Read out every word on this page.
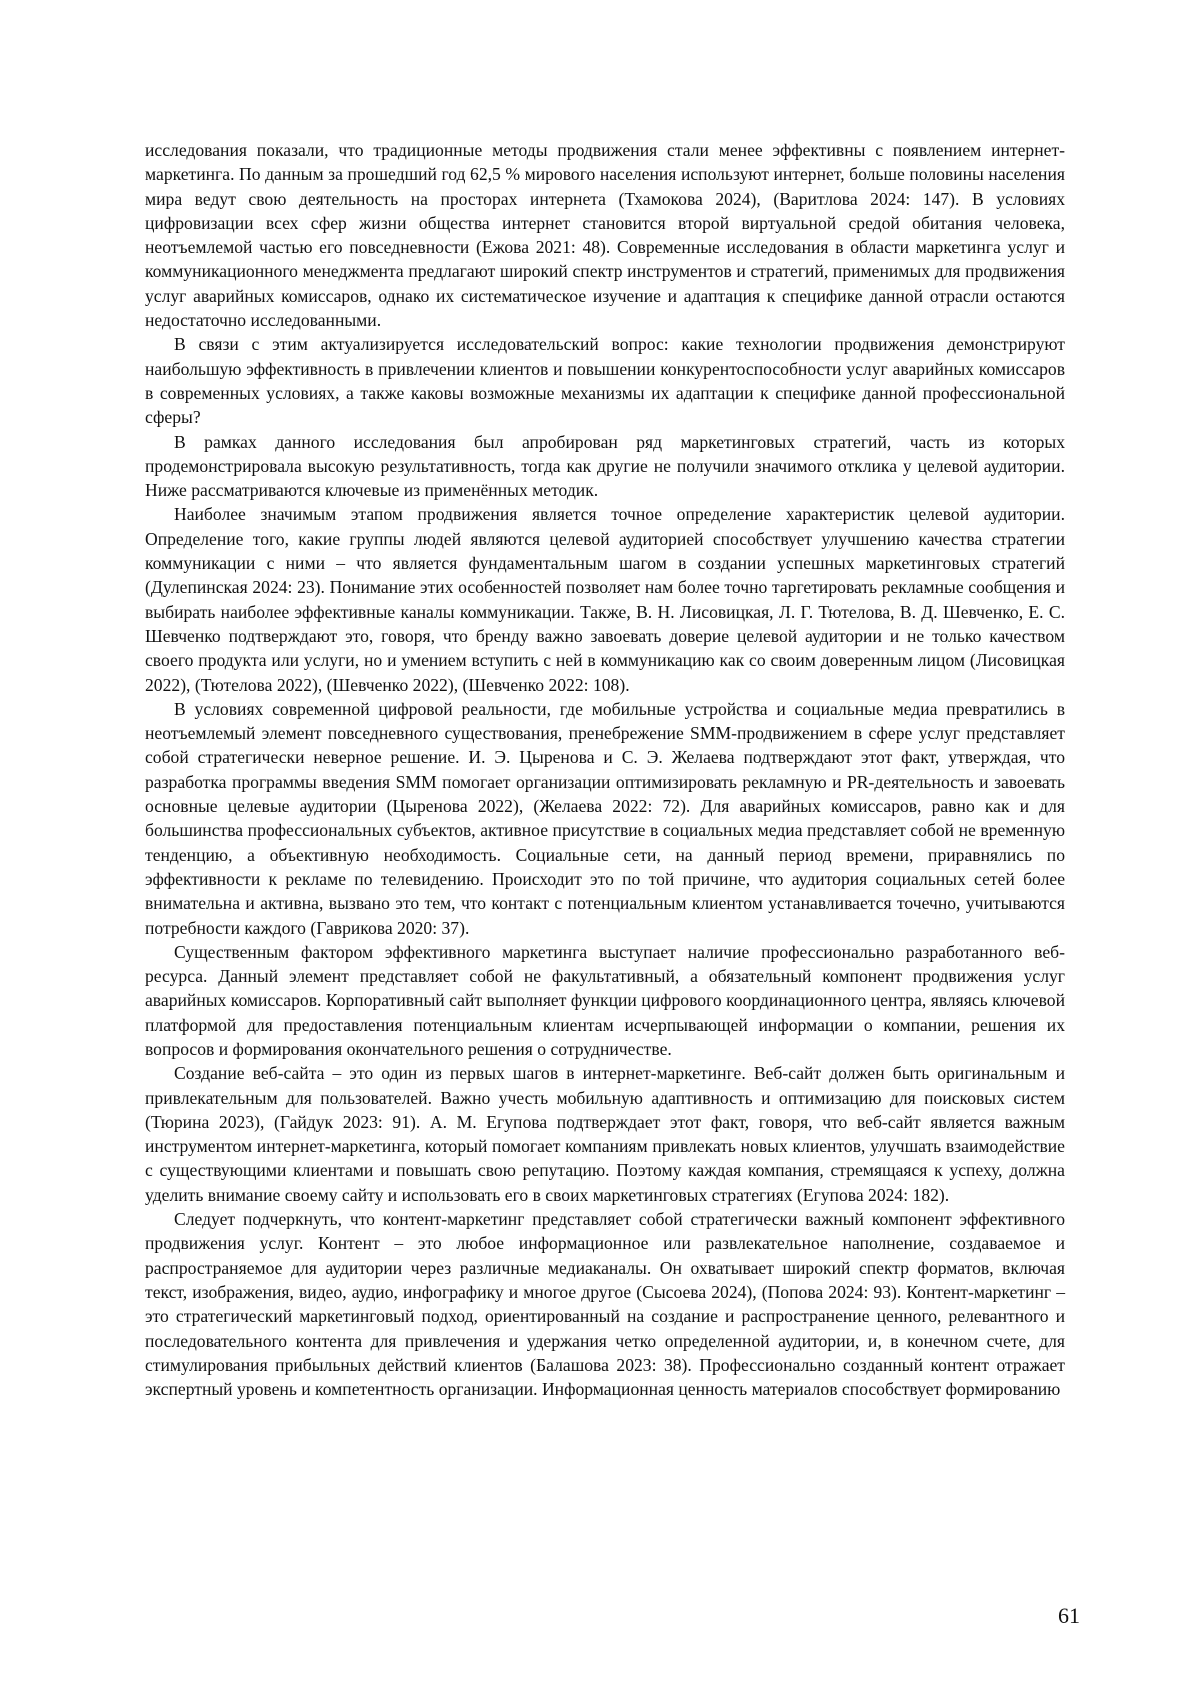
исследования показали, что традиционные методы продвижения стали менее эффективны с появлением интернет-маркетинга. По данным за прошедший год 62,5 % мирового населения используют интернет, больше половины населения мира ведут свою деятельность на просторах интернета (Тхамокова 2024), (Варитлова 2024: 147). В условиях цифровизации всех сфер жизни общества интернет становится второй виртуальной средой обитания человека, неотъемлемой частью его повседневности (Ежова 2021: 48). Современные исследования в области маркетинга услуг и коммуникационного менеджмента предлагают широкий спектр инструментов и стратегий, применимых для продвижения услуг аварийных комиссаров, однако их систематическое изучение и адаптация к специфике данной отрасли остаются недостаточно исследованными.

В связи с этим актуализируется исследовательский вопрос: какие технологии продвижения демонстрируют наибольшую эффективность в привлечении клиентов и повышении конкурентоспособности услуг аварийных комиссаров в современных условиях, а также каковы возможные механизмы их адаптации к специфике данной профессиональной сферы?

В рамках данного исследования был апробирован ряд маркетинговых стратегий, часть из которых продемонстрировала высокую результативность, тогда как другие не получили значимого отклика у целевой аудитории. Ниже рассматриваются ключевые из применённых методик.

Наиболее значимым этапом продвижения является точное определение характеристик целевой аудитории. Определение того, какие группы людей являются целевой аудиторией способствует улучшению качества стратегии коммуникации с ними – что является фундаментальным шагом в создании успешных маркетинговых стратегий (Дулепинская 2024: 23). Понимание этих особенностей позволяет нам более точно таргетировать рекламные сообщения и выбирать наиболее эффективные каналы коммуникации. Также, В. Н. Лисовицкая, Л. Г. Тютелова, В. Д. Шевченко, Е. С. Шевченко подтверждают это, говоря, что бренду важно завоевать доверие целевой аудитории и не только качеством своего продукта или услуги, но и умением вступить с ней в коммуникацию как со своим доверенным лицом (Лисовицкая 2022), (Тютелова 2022), (Шевченко 2022), (Шевченко 2022: 108).

В условиях современной цифровой реальности, где мобильные устройства и социальные медиа превратились в неотъемлемый элемент повседневного существования, пренебрежение SMM-продвижением в сфере услуг представляет собой стратегически неверное решение. И. Э. Цыренова и С. Э. Желаева подтверждают этот факт, утверждая, что разработка программы введения SMM помогает организации оптимизировать рекламную и PR-деятельность и завоевать основные целевые аудитории (Цыренова 2022), (Желаева 2022: 72). Для аварийных комиссаров, равно как и для большинства профессиональных субъектов, активное присутствие в социальных медиа представляет собой не временную тенденцию, а объективную необходимость. Социальные сети, на данный период времени, приравнялись по эффективности к рекламе по телевидению. Происходит это по той причине, что аудитория социальных сетей более внимательна и активна, вызвано это тем, что контакт с потенциальным клиентом устанавливается точечно, учитываются потребности каждого (Гаврикова 2020: 37).

Существенным фактором эффективного маркетинга выступает наличие профессионально разработанного веб-ресурса. Данный элемент представляет собой не факультативный, а обязательный компонент продвижения услуг аварийных комиссаров. Корпоративный сайт выполняет функции цифрового координационного центра, являясь ключевой платформой для предоставления потенциальным клиентам исчерпывающей информации о компании, решения их вопросов и формирования окончательного решения о сотрудничестве.

Создание веб-сайта – это один из первых шагов в интернет-маркетинге. Веб-сайт должен быть оригинальным и привлекательным для пользователей. Важно учесть мобильную адаптивность и оптимизацию для поисковых систем (Тюрина 2023), (Гайдук 2023: 91). А. М. Егупова подтверждает этот факт, говоря, что веб-сайт является важным инструментом интернет-маркетинга, который помогает компаниям привлекать новых клиентов, улучшать взаимодействие с существующими клиентами и повышать свою репутацию. Поэтому каждая компания, стремящаяся к успеху, должна уделить внимание своему сайту и использовать его в своих маркетинговых стратегиях (Егупова 2024: 182).

Следует подчеркнуть, что контент-маркетинг представляет собой стратегически важный компонент эффективного продвижения услуг. Контент – это любое информационное или развлекательное наполнение, создаваемое и распространяемое для аудитории через различные медиаканалы. Он охватывает широкий спектр форматов, включая текст, изображения, видео, аудио, инфографику и многое другое (Сысоева 2024), (Попова 2024: 93). Контент-маркетинг – это стратегический маркетинговый подход, ориентированный на создание и распространение ценного, релевантного и последовательного контента для привлечения и удержания четко определенной аудитории, и, в конечном счете, для стимулирования прибыльных действий клиентов (Балашова 2023: 38). Профессионально созданный контент отражает экспертный уровень и компетентность организации. Информационная ценность материалов способствует формированию

61
